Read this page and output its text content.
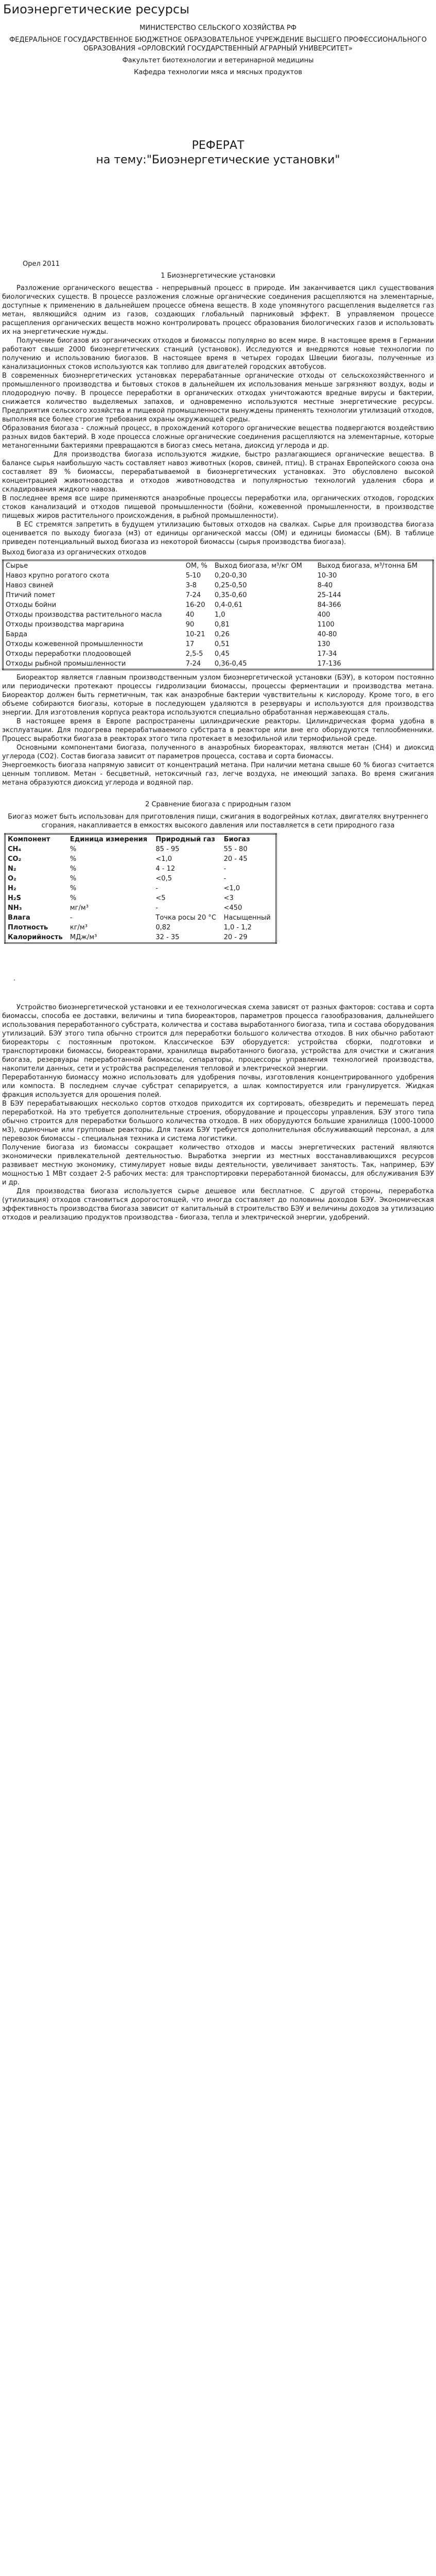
Биоэнергетические ресурсы
МИНИСТЕРСТВО СЕЛЬСКОГО ХОЗЯЙСТВА РФ
ФЕДЕРАЛЬНОЕ ГОСУДАРСТВЕННОЕ БЮДЖЕТНОЕ ОБРАЗОВАТЕЛЬНОЕ УЧРЕЖДЕНИЕ ВЫСШЕГО ПРОФЕССИОНАЛЬНОГО ОБРАЗОВАНИЯ «ОРЛОВСКИЙ ГОСУДАРСТВЕННЫЙ АГРАРНЫЙ УНИВЕРСИТЕТ»
Факультет биотехнологии и ветеринарной медицины
Кафедра технологии мяса и мясных продуктов
РЕФЕРАТ
на тему:"Биоэнергетические установки"
Орел 2011
1 Биоэнергетические установки

Разложение органического вещества - непрерывный процесс в природе. Им заканчивается цикл существования биологических существ. В процессе разложения сложные органические соединения расщепляются на элементарные, доступные к применению в дальнейшем процессе обмена веществ. В ходе упомянутого расщепления выделяется газ метан, являющийся одним из газов, создающих глобальный парниковый эффект. В управляемом процессе расщепления органических веществ можно контролировать процесс образования биологических газов и использовать их на энергетические нужды.

Получение биогазов из органических отходов и биомассы популярно во всем мире. В настоящее время в Германии работают свыше 2000 биоэнергетических станций (установок). Исследуются и внедряются новые технологии по получению и использованию биогазов. В настоящее время в четырех городах Швеции биогазы, полученные из канализационных стоков используются как топливо для двигателей городских автобусов.

В современных биоэнергетических установках перерабатанные органические отходы от сельскохозяйственного и промышленного производства и бытовых стоков в дальнейшем их использования меньше загрязняют воздух, воды и плодородную почву. В процессе переработки в органических отходах уничтожаются вредные вирусы и бактерии, снижается количество выделяемых запахов, и одновременно используются местные энергетические ресурсы. Предприятия сельского хозяйства и пищевой промышленности вынуждены применять технологии утилизаций отходов, выполняя все более строгие требования охраны окружающей среды.

Образования биогаза - сложный процесс, в прохождений которого органические вещества подвергаются воздействию разных видов бактерий. В ходе процесса сложные органические соединения расщепляются на элементарные, которые метаногенными бактериями превращаются в биогаз смесь метана, диоксид углерода и др.

Для производства биогаза используются жидкие, быстро разлагающиеся органические вещества. В балансе сырья наибольшую часть составляет навоз животных (коров, свиней, птиц). В странах Европейского союза она составляет 89 % биомассы, перерабатываемой в биоэнергетических установках. Это обусловлено высокой концентрацией животноводства и отходов животноводства и популярностью технологий удаления сбора и складирования жидкого навоза.

В последнее время все шире применяются анаэробные процессы переработки ила, органических отходов, городских стоков канализаций и отходов пищевой промышленности (бойни, кожевенной промышленности, в производстве пищевых жиров растительного происхождения, в рыбной промышленности).

В ЕС стремятся запретить в будущем утилизацию бытовых отходов на свалках. Сырье для производства биогаза оценивается по выходу биогаза (м3) от единицы органической массы (ОМ) и единицы биомассы (БМ). В таблице приведен потенциальный выход биогаза из некоторой биомассы (сырья производства биогаза).

Выход биогаза из органических отходов
Сырье	ОМ, %	Выход биогаза, м³/кг ОМ	Выход биогаза, м³/тонна БМ
Навоз крупно рогатого скота	5-10	0,20-0,30	10-30
Навоз свиней	3-8	0,25-0,50	8-40
Птичий помет	7-24	0,35-0,60	25-144
Отходы бойни	16-20	0,4-0,61	84-366
Отходы производства растительного масла	40	1,0	400
Отходы производства маргарина	90	0,81	1100
Барда	10-21	0,26	40-80
Отходы кожевенной промышленности	17	0,51	130
Отходы переработки плодоовощей	2,5-5	0,45	17-34
Отходы рыбной промышленности	7-24	0,36-0,45	17-136

Биореактор является главным производственным узлом биоэнергетической установки (БЭУ), в котором постоянно или периодически протекают процессы гидролизации биомассы, процессы ферментации и производства метана. Биореактор должен быть герметичным, так как анаэробные бактерии чувствительны к кислороду. Кроме того, в его объеме собираются биогазы, которые в последующем удаляются в резервуары и используются для производства энергии. Для изготовления корпуса реактора используются специально обработанная нержавеющая сталь.

В настоящее время в Европе распространены цилиндрические реакторы. Цилиндрическая форма удобна в эксплуатации. Для подогрева перерабатываемого субстрата в реакторе или вне его оборудуются теплообменники. Процесс выработки биогаза в реакторах этого типа протекает в мезофильной или термофильной среде.

Основными компонентами биогаза, полученного в анаэробных биореакторах, являются метан (CH4) и диоксид углерода (CO2). Состав биогаза зависит от параметров процесса, состава и сорта биомассы.

Энергоемкость биогаза напрямую зависит от концентраций метана. При наличии метана свыше 60 % биогаз считается ценным топливом. Метан - бесцветный, нетоксичный газ, легче воздуха, не имеющий запаха. Во время сжигания метана образуются диоксид углерода и водяной пар.

2 Сравнение биогаза с природным газом
Биогаз может быть использован для приготовления пищи, сжигания в водогрейных котлах, двигателях внутреннего сгорания, накапливается в емкостях высокого давления или поставляется в сети природного газа
Компонент	Единица измерения	Природный газ	Биогаз
CH₄	%	85 - 95	55 - 80
CO₂	%	<1,0	20 - 45
N₂	%	4 - 12	-
O₂	%	<0,5	-
H₂	%	-	<1,0
H₂S	%	<5	<3
NH₃	мг/м³	-	<450
Влага	-	Точка росы 20 °C	Насыщенный
Плотность	кг/м³	0,82	1,0 - 1,2
Калорийность	МДж/м³	32 - 35	20 - 29
.

Устройство биоэнергетической установки и ее технологическая схема зависят от разных факторов: состава и сорта биомассы, способа ее доставки, величины и типа биореакторов, параметров процесса газообразования, дальнейшего использования переработанного субстрата, количества и состава выработанного биогаза, типа и состава оборудования утилизаций. БЭУ этого типа обычно строится для переработки большого количества отходов. В них обычно работают биореакторы с постоянным протоком. Классическое БЭУ оборудуется: устройства сборки, подготовки и транспортировки биомассы, биореакторами, хранилища выработанного биогаза, устройства для очистки и сжигания биогаза, резервуары переработанной биомассы, сепараторы, процессоры управления технологией производства, накопители данных, сети и устройства распределения тепловой и электрической энергии.

Переработанную биомассу можно использовать для удобрения почвы, изготовления концентрированного удобрения или компоста. В последнем случае субстрат сепарируется, а шлак компостируется или гранулируется. Жидкая фракция используется для орошения полей.

В БЭУ перерабатывающих несколько сортов отходов приходится их сортировать, обезвредить и перемешать перед переработкой. На это требуется дополнительные строения, оборудование и процессоры управления. БЭУ этого типа обычно строится для переработки большого количества отходов. В них оборудуются большие хранилища (1000-10000 м3), одиночные или групповые реакторы. Для таких БЭУ требуется дополнительная обслуживающий персонал, а для перевозок биомассы - специальная техника и система логистики.

Получение биогаза из биомассы сокращает количество отходов и массы энергетических растений являются экономически привлекательной деятельностью. Выработка энергии из местных восстанавливающихся ресурсов развивает местную экономику, стимулирует новые виды деятельности, увеличивает занятость. Так, например, БЭУ мощностью 1 МВт создает 2-5 рабочих места: для транспортировки переработанной биомассы, для обслуживания БЭУ и др.

Для производства биогаза используется сырье дешевое или бесплатное. С другой стороны, переработка (утилизация) отходов становиться дорогостоящей, что иногда составляет до половины доходов БЭУ. Экономическая эффективность производства биогаза зависит от капитальный в строительство БЭУ и величины доходов за утилизацию отходов и реализацию продуктов производства - биогаза, тепла и электрической энергии, удобрений.
